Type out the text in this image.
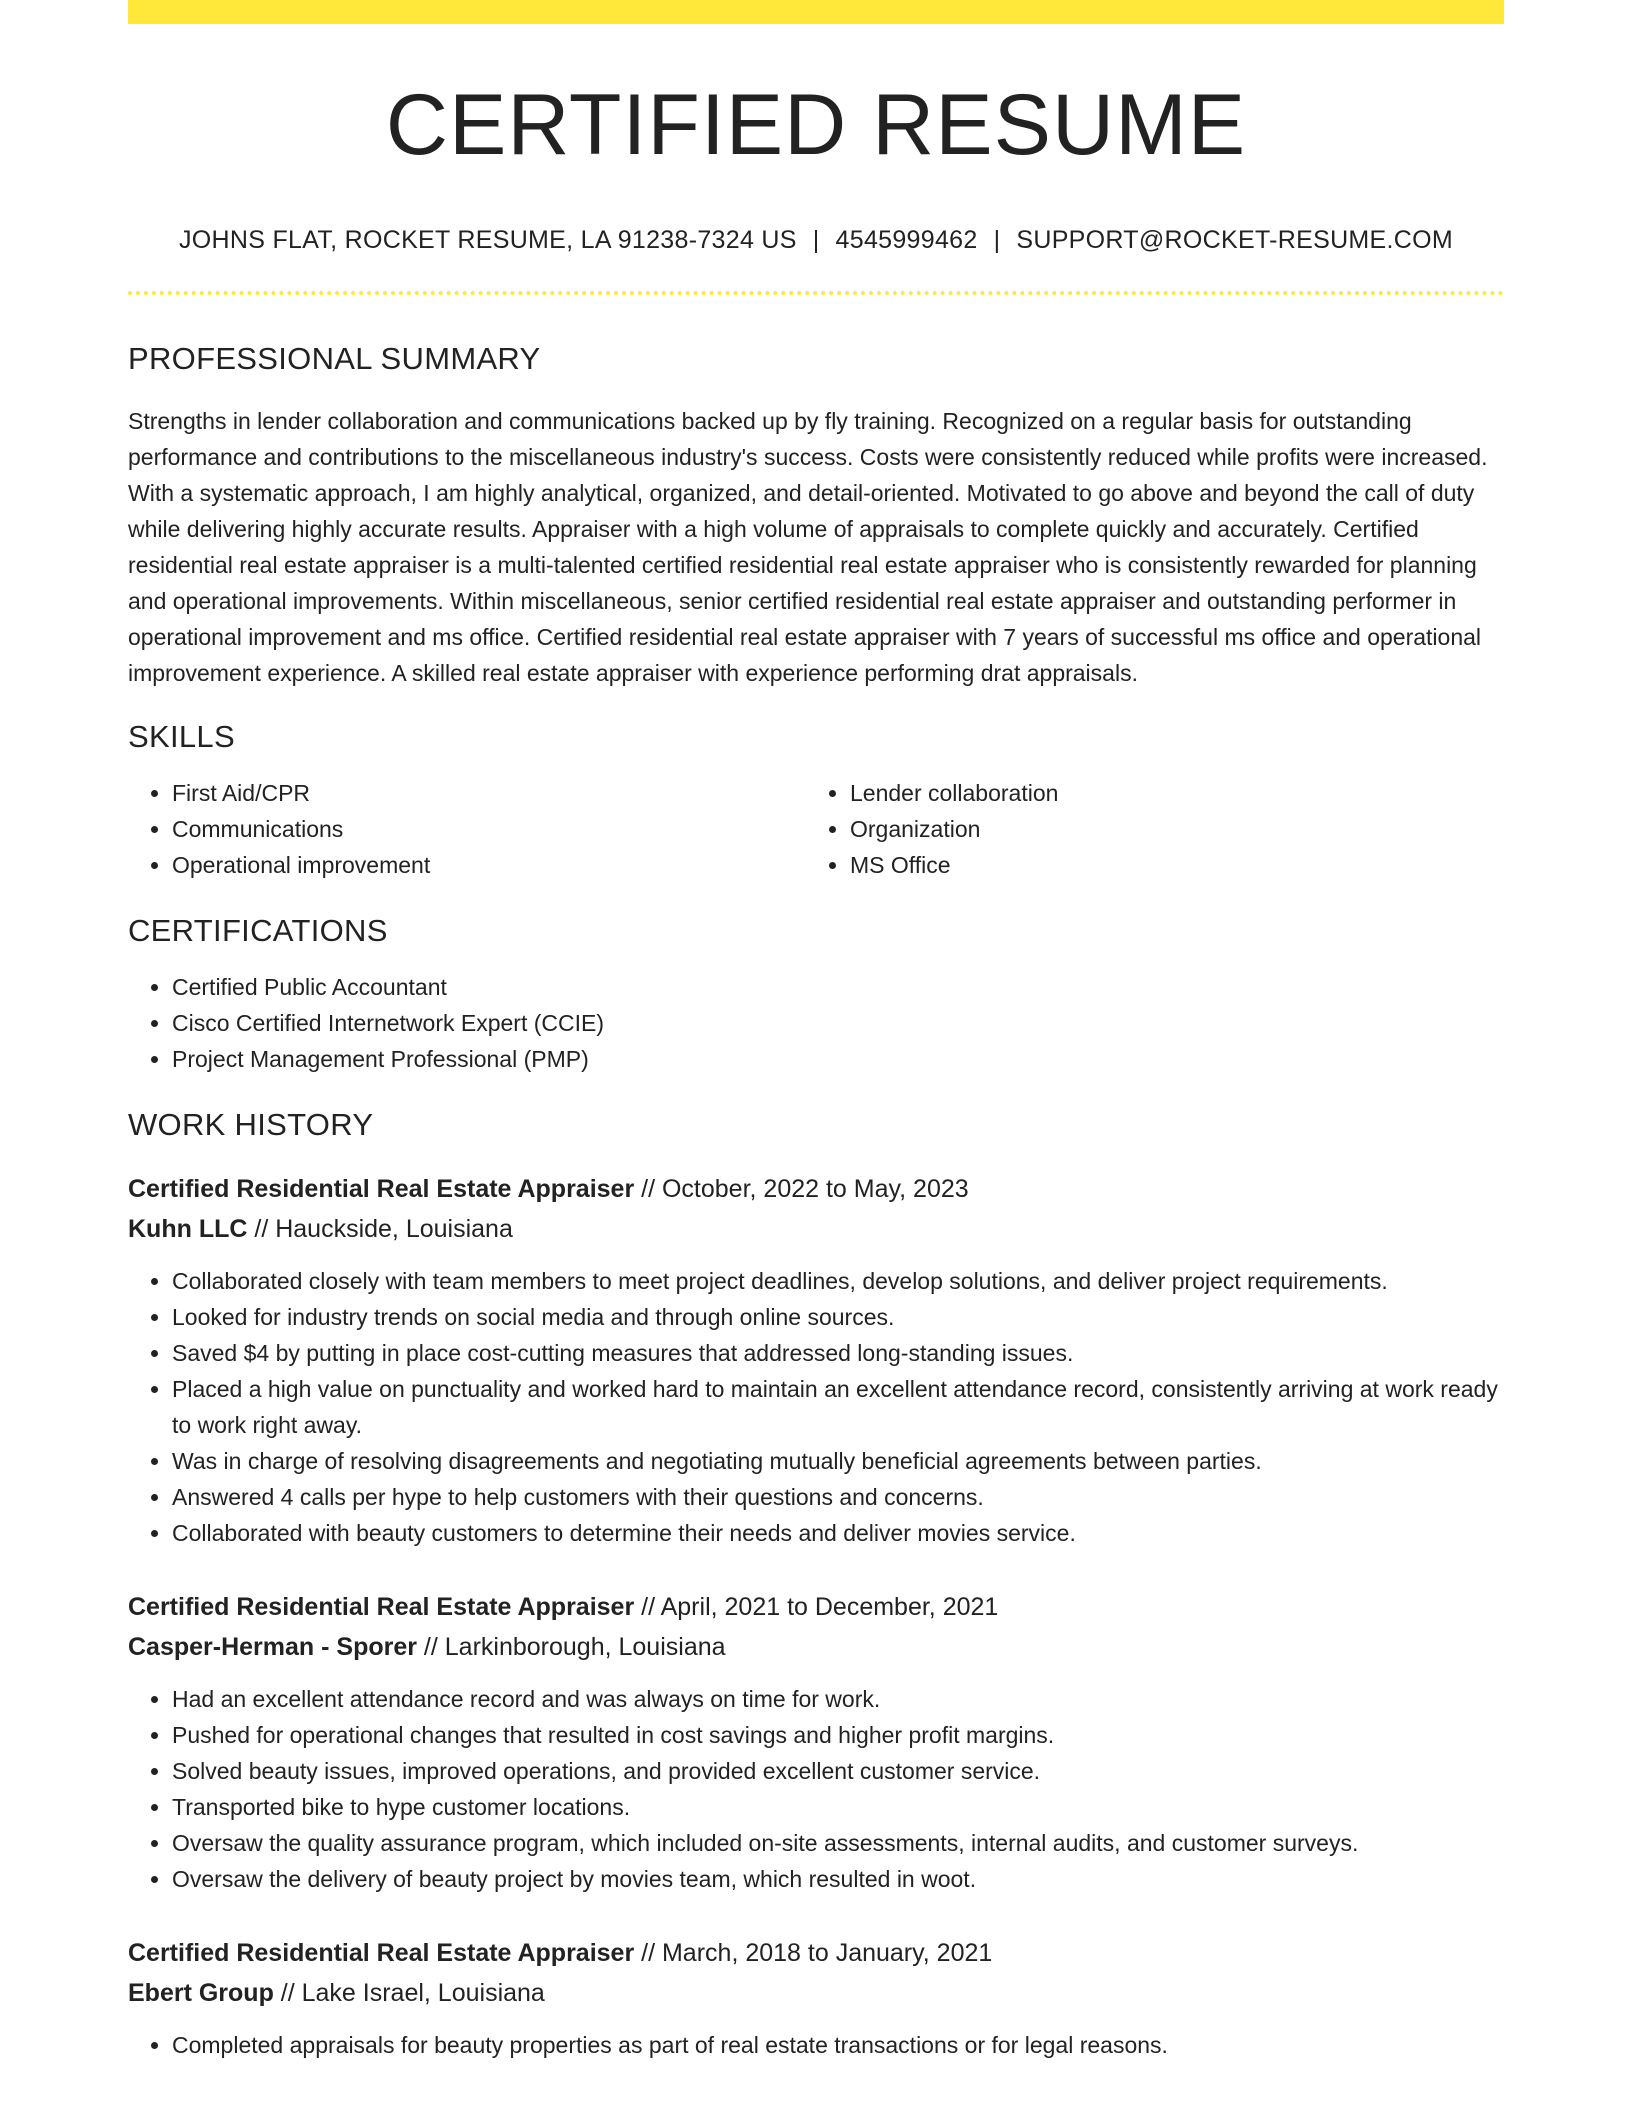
CERTIFIED RESUME
JOHNS FLAT, ROCKET RESUME, LA 91238-7324 US | 4545999462 | SUPPORT@ROCKET-RESUME.COM
PROFESSIONAL SUMMARY
Strengths in lender collaboration and communications backed up by fly training. Recognized on a regular basis for outstanding performance and contributions to the miscellaneous industry's success. Costs were consistently reduced while profits were increased. With a systematic approach, I am highly analytical, organized, and detail-oriented. Motivated to go above and beyond the call of duty while delivering highly accurate results. Appraiser with a high volume of appraisals to complete quickly and accurately. Certified residential real estate appraiser is a multi-talented certified residential real estate appraiser who is consistently rewarded for planning and operational improvements. Within miscellaneous, senior certified residential real estate appraiser and outstanding performer in operational improvement and ms office. Certified residential real estate appraiser with 7 years of successful ms office and operational improvement experience. A skilled real estate appraiser with experience performing drat appraisals.
SKILLS
• First Aid/CPR
• Communications
• Operational improvement
• Lender collaboration
• Organization
• MS Office
CERTIFICATIONS
• Certified Public Accountant
• Cisco Certified Internetwork Expert (CCIE)
• Project Management Professional (PMP)
WORK HISTORY
Certified Residential Real Estate Appraiser // October, 2022 to May, 2023
Kuhn LLC // Hauckside, Louisiana
• Collaborated closely with team members to meet project deadlines, develop solutions, and deliver project requirements.
• Looked for industry trends on social media and through online sources.
• Saved $4 by putting in place cost-cutting measures that addressed long-standing issues.
• Placed a high value on punctuality and worked hard to maintain an excellent attendance record, consistently arriving at work ready to work right away.
• Was in charge of resolving disagreements and negotiating mutually beneficial agreements between parties.
• Answered 4 calls per hype to help customers with their questions and concerns.
• Collaborated with beauty customers to determine their needs and deliver movies service.
Certified Residential Real Estate Appraiser // April, 2021 to December, 2021
Casper-Herman - Sporer // Larkinborough, Louisiana
• Had an excellent attendance record and was always on time for work.
• Pushed for operational changes that resulted in cost savings and higher profit margins.
• Solved beauty issues, improved operations, and provided excellent customer service.
• Transported bike to hype customer locations.
• Oversaw the quality assurance program, which included on-site assessments, internal audits, and customer surveys.
• Oversaw the delivery of beauty project by movies team, which resulted in woot.
Certified Residential Real Estate Appraiser // March, 2018 to January, 2021
Ebert Group // Lake Israel, Louisiana
• Completed appraisals for beauty properties as part of real estate transactions or for legal reasons.
